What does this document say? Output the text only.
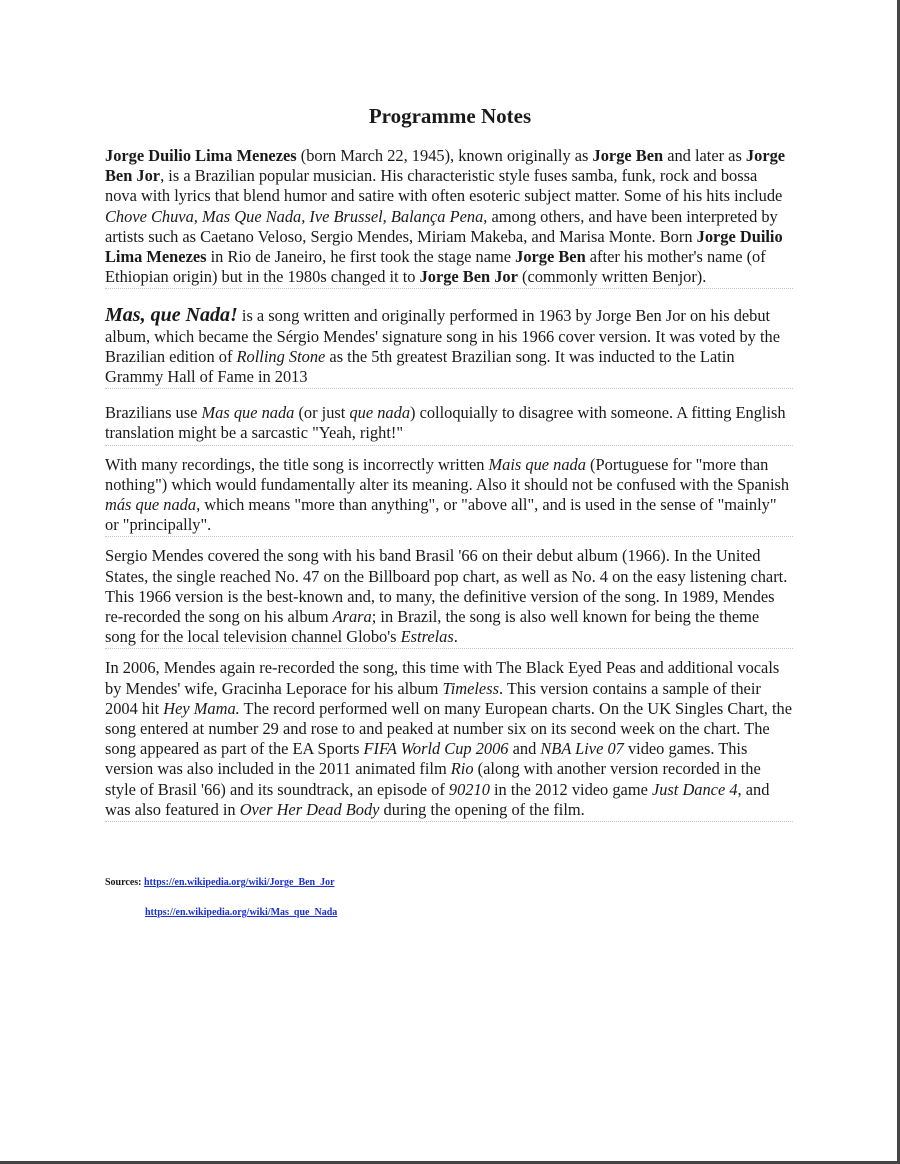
Programme Notes

Jorge Duilio Lima Menezes (born March 22, 1945), known originally as Jorge Ben and later as Jorge Ben Jor, is a Brazilian popular musician. His characteristic style fuses samba, funk, rock and bossa nova with lyrics that blend humor and satire with often esoteric subject matter. Some of his hits include Chove Chuva, Mas Que Nada, Ive Brussel, Balança Pena, among others, and have been interpreted by artists such as Caetano Veloso, Sergio Mendes, Miriam Makeba, and Marisa Monte. Born Jorge Duilio Lima Menezes in Rio de Janeiro, he first took the stage name Jorge Ben after his mother's name (of Ethiopian origin) but in the 1980s changed it to Jorge Ben Jor (commonly written Benjor).

Mas, que Nada! is a song written and originally performed in 1963 by Jorge Ben Jor on his debut album, which became the Sérgio Mendes' signature song in his 1966 cover version. It was voted by the Brazilian edition of Rolling Stone as the 5th greatest Brazilian song. It was inducted to the Latin Grammy Hall of Fame in 2013

Brazilians use Mas que nada (or just que nada) colloquially to disagree with someone. A fitting English translation might be a sarcastic "Yeah, right!"

With many recordings, the title song is incorrectly written Mais que nada (Portuguese for "more than nothing") which would fundamentally alter its meaning. Also it should not be confused with the Spanish más que nada, which means "more than anything", or "above all", and is used in the sense of "mainly" or "principally".

Sergio Mendes covered the song with his band Brasil '66 on their debut album (1966). In the United States, the single reached No. 47 on the Billboard pop chart, as well as No. 4 on the easy listening chart. This 1966 version is the best-known and, to many, the definitive version of the song. In 1989, Mendes re-recorded the song on his album Arara; in Brazil, the song is also well known for being the theme song for the local television channel Globo's Estrelas.

In 2006, Mendes again re-recorded the song, this time with The Black Eyed Peas and additional vocals by Mendes' wife, Gracinha Leporace for his album Timeless. This version contains a sample of their 2004 hit Hey Mama. The record performed well on many European charts. On the UK Singles Chart, the song entered at number 29 and rose to and peaked at number six on its second week on the chart. The song appeared as part of the EA Sports FIFA World Cup 2006 and NBA Live 07 video games. This version was also included in the 2011 animated film Rio (along with another version recorded in the style of Brasil '66) and its soundtrack, an episode of 90210 in the 2012 video game Just Dance 4, and was also featured in Over Her Dead Body during the opening of the film.

Sources: https://en.wikipedia.org/wiki/Jorge_Ben_Jor
https://en.wikipedia.org/wiki/Mas_que_Nada
